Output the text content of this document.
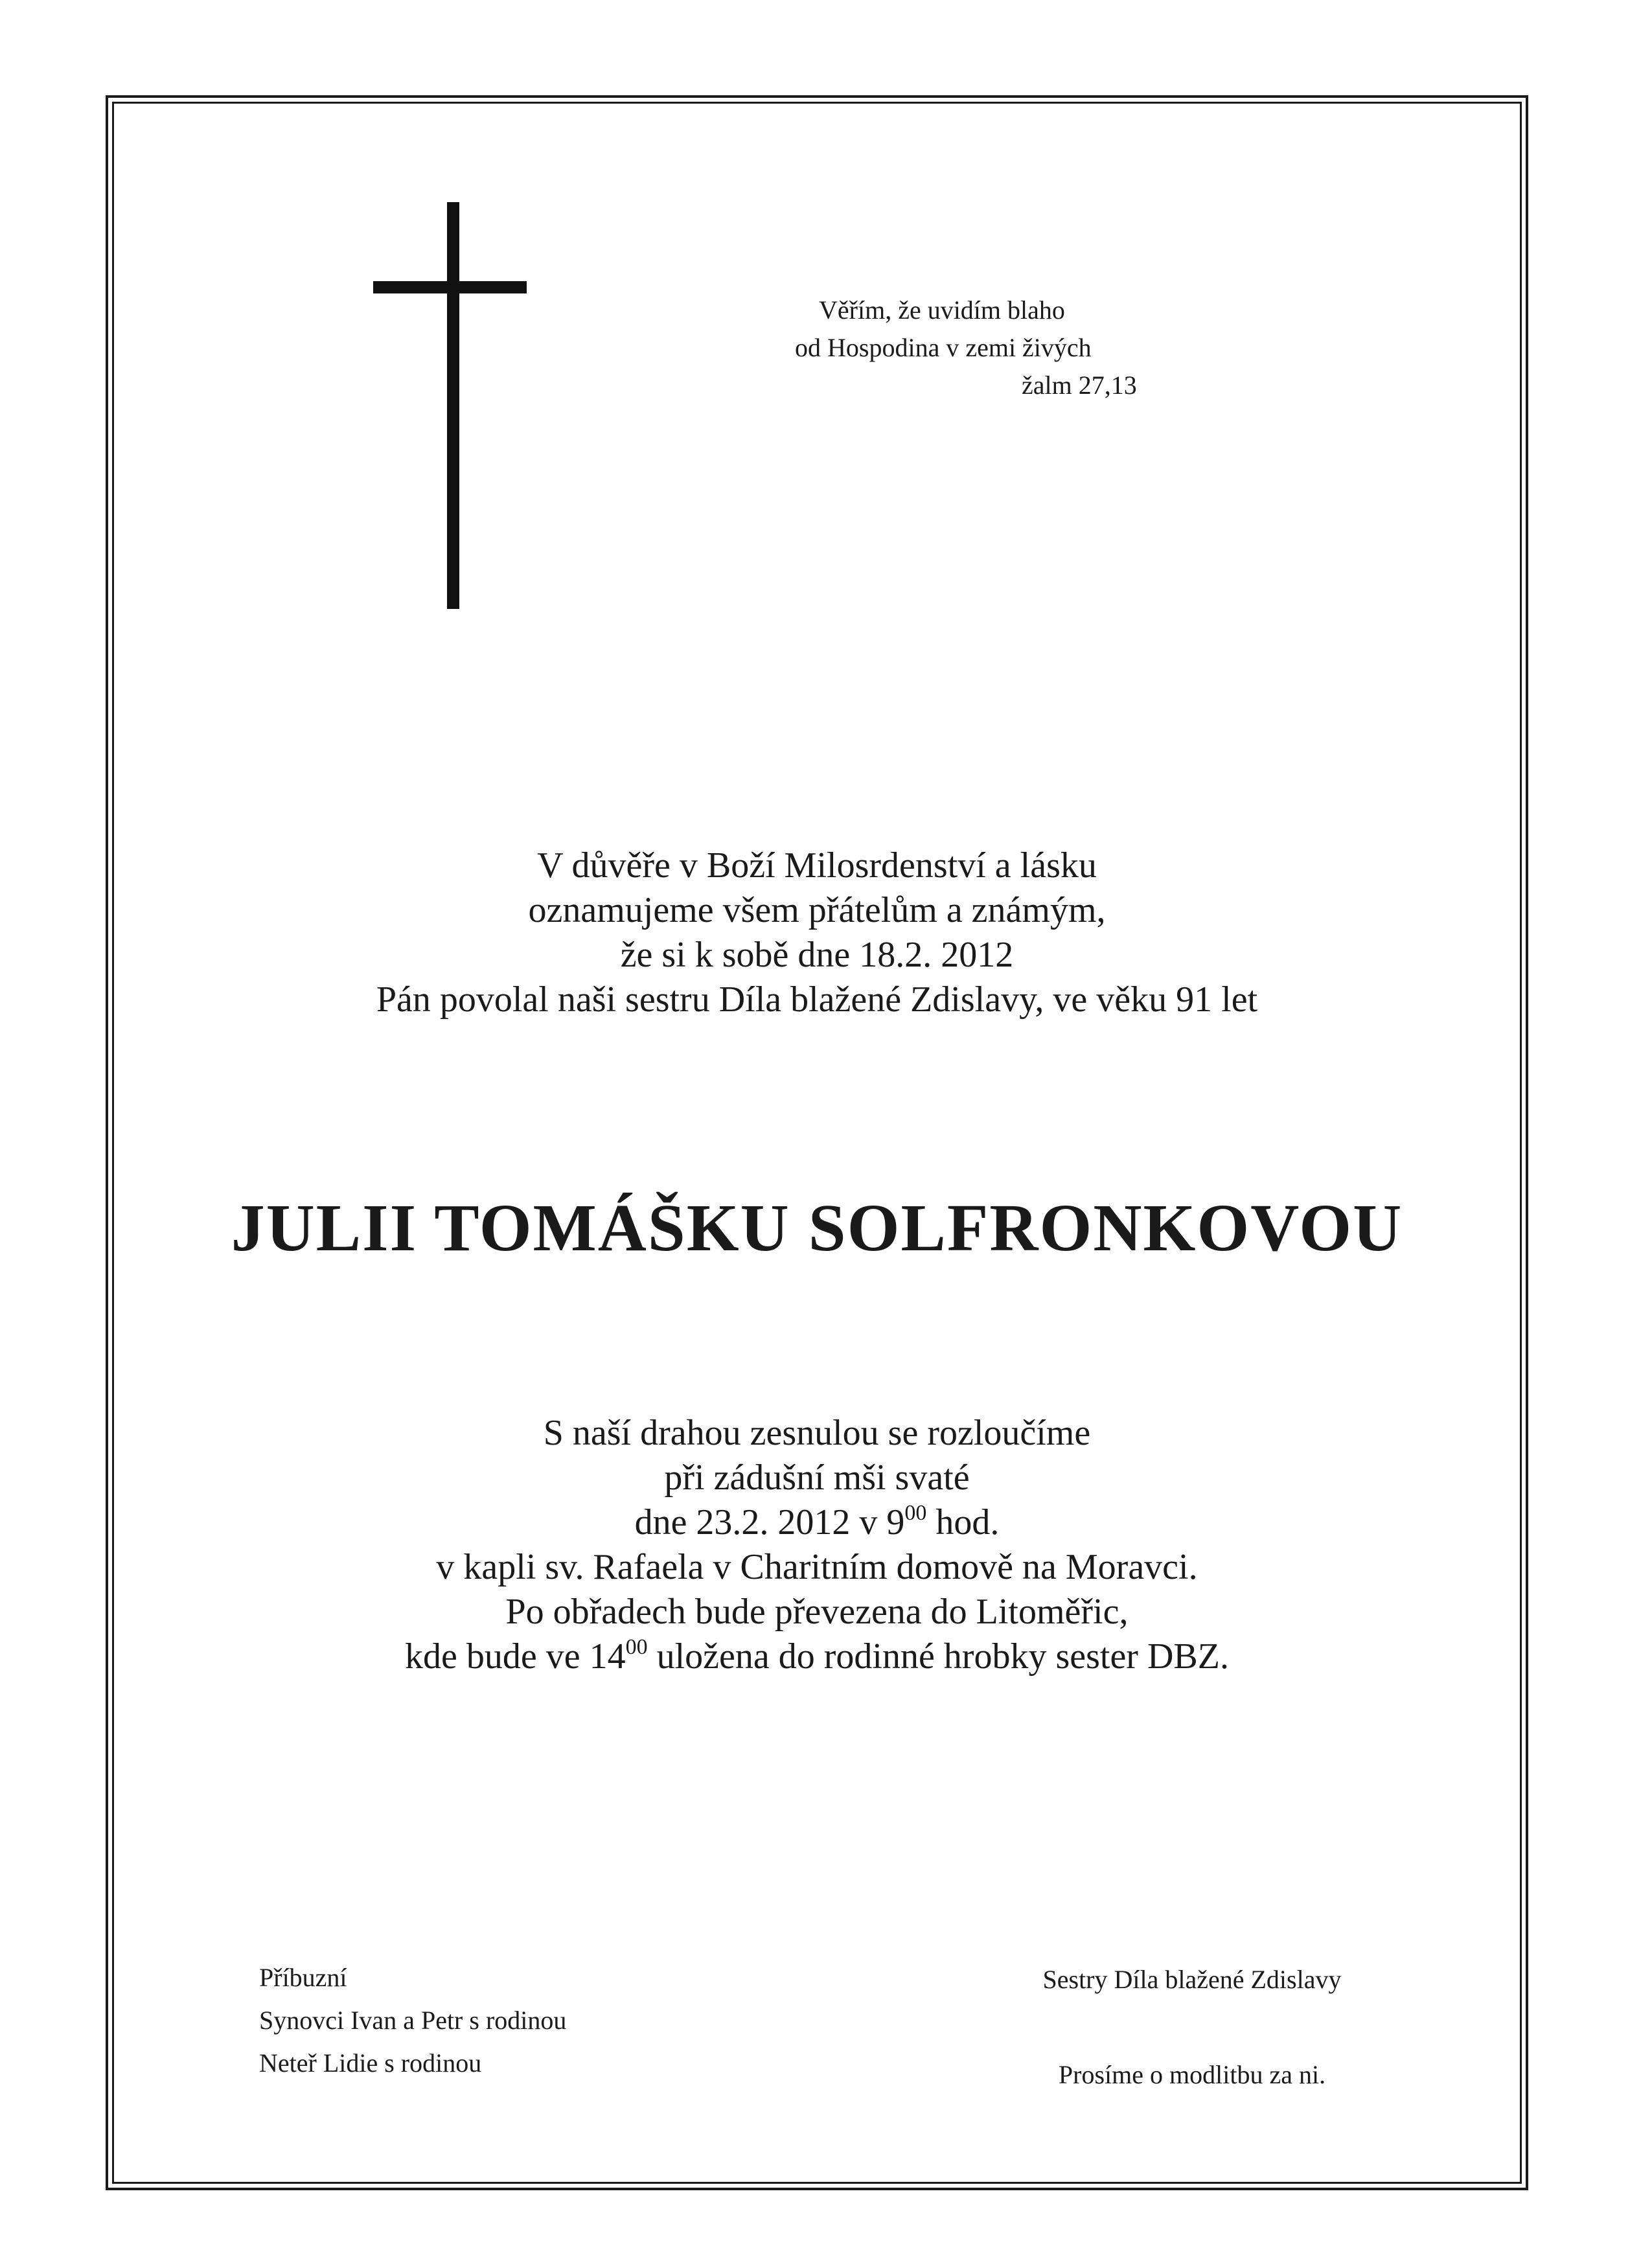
Věřím, že uvidím blaho
od Hospodina v zemi živých
žalm 27,13
V důvěře v Boží Milosrdenství a lásku
oznamujeme všem přátelům a známým,
že si k sobě dne 18.2. 2012
Pán povolal naši sestru Díla blažené Zdislavy, ve věku 91 let
JULII TOMÁŠKU SOLFRONKOVOU
S naší drahou zesnulou se rozloučíme
při zádušní mši svaté
dne 23.2. 2012 v $9^{00}$ hod.
v kapli sv. Rafaela v Charitním domově na Moravci.
Po obřadech bude převezena do Litoměřic,
kde bude ve $14^{00}$ uložena do rodinné hrobky sester DBZ.
Příbuzní
Synovci Ivan a Petr s rodinou
Neteř Lidie s rodinou
Sestry Díla blažené Zdislavy
Prosíme o modlitbu za ni.
